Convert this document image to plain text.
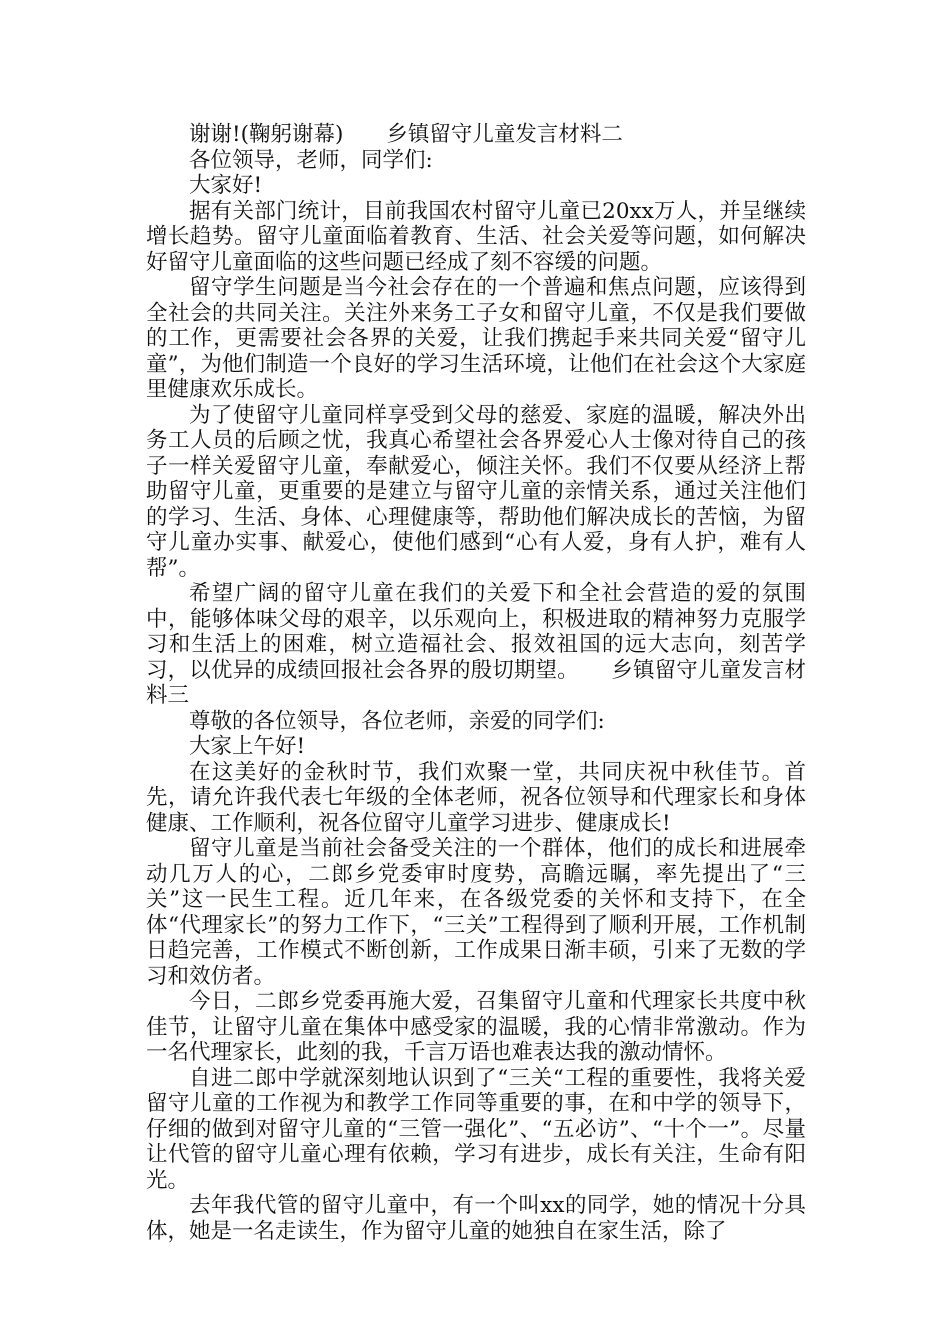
谢谢!(鞠躬谢幕)　　乡镇留守儿童发言材料二

各位领导，老师，同学们:

大家好!

据有关部门统计，目前我国农村留守儿童已20xx万人，并呈继续增长趋势。留守儿童面临着教育、生活、社会关爱等问题，如何解决好留守儿童面临的这些问题已经成了刻不容缓的问题。

留守学生问题是当今社会存在的一个普遍和焦点问题，应该得到全社会的共同关注。关注外来务工子女和留守儿童，不仅是我们要做的工作，更需要社会各界的关爱，让我们携起手来共同关爱“留守儿童”，为他们制造一个良好的学习生活环境，让他们在社会这个大家庭里健康欢乐成长。

为了使留守儿童同样享受到父母的慈爱、家庭的温暖，解决外出务工人员的后顾之忧，我真心希望社会各界爱心人士像对待自己的孩子一样关爱留守儿童，奉献爱心，倾注关怀。我们不仅要从经济上帮助留守儿童，更重要的是建立与留守儿童的亲情关系，通过关注他们的学习、生活、身体、心理健康等，帮助他们解决成长的苦恼，为留守儿童办实事、献爱心，使他们感到“心有人爱，身有人护，难有人帮”。

希望广阔的留守儿童在我们的关爱下和全社会营造的爱的氛围中，能够体味父母的艰辛，以乐观向上，积极进取的精神努力克服学习和生活上的困难，树立造福社会、报效祖国的远大志向，刻苦学习，以优异的成绩回报社会各界的殷切期望。　　乡镇留守儿童发言材料三

尊敬的各位领导，各位老师，亲爱的同学们:

大家上午好!

在这美好的金秋时节，我们欢聚一堂，共同庆祝中秋佳节。首先，请允许我代表七年级的全体老师，祝各位领导和代理家长和身体健康、工作顺利，祝各位留守儿童学习进步、健康成长!

留守儿童是当前社会备受关注的一个群体，他们的成长和进展牵动几万人的心，二郎乡党委审时度势，高瞻远瞩，率先提出了“三关”这一民生工程。近几年来，在各级党委的关怀和支持下，在全体“代理家长”的努力工作下，“三关”工程得到了顺利开展，工作机制日趋完善，工作模式不断创新，工作成果日渐丰硕，引来了无数的学习和效仿者。

今日，二郎乡党委再施大爱，召集留守儿童和代理家长共度中秋佳节，让留守儿童在集体中感受家的温暖，我的心情非常激动。作为一名代理家长，此刻的我，千言万语也难表达我的激动情怀。

自进二郎中学就深刻地认识到了“三关“工程的重要性，我将关爱留守儿童的工作视为和教学工作同等重要的事，在和中学的领导下，仔细的做到对留守儿童的“三管一强化”、“五必访”、“十个一”。尽量让代管的留守儿童心理有依赖，学习有进步，成长有关注，生命有阳光。

去年我代管的留守儿童中，有一个叫xx的同学，她的情况十分具体，她是一名走读生，作为留守儿童的她独自在家生活，除了
